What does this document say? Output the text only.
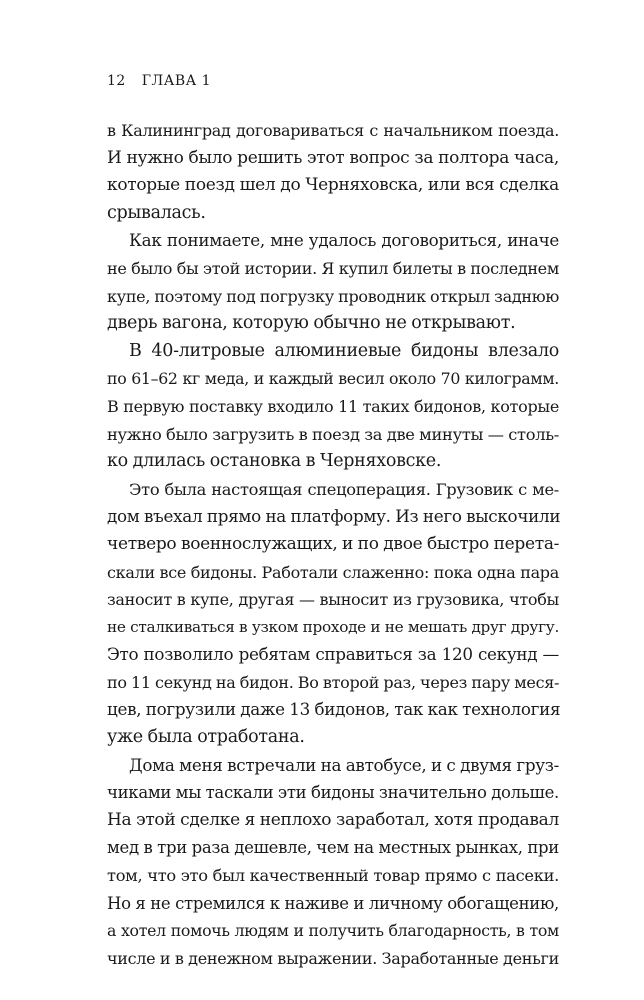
12 ГЛАВА 1
в Калининград договариваться с начальником поезда.
И нужно было решить этот вопрос за полтора часа,
которые поезд шел до Черняховска, или вся сделка
срывалась.
Как понимаете, мне удалось договориться, иначе
не было бы этой истории. Я купил билеты в последнем
купе, поэтому под погрузку проводник открыл заднюю
дверь вагона, которую обычно не открывают.
В 40-литровые алюминиевые бидоны влезало
по 61–62 кг меда, и каждый весил около 70 килограмм.
В первую поставку входило 11 таких бидонов, которые
нужно было загрузить в поезд за две минуты — столь-
ко длилась остановка в Черняховске.
Это была настоящая спецоперация. Грузовик с ме-
дом въехал прямо на платформу. Из него выскочили
четверо военнослужащих, и по двое быстро перета-
скали все бидоны. Работали слаженно: пока одна пара
заносит в купе, другая — выносит из грузовика, чтобы
не сталкиваться в узком проходе и не мешать друг другу.
Это позволило ребятам справиться за 120 секунд —
по 11 секунд на бидон. Во второй раз, через пару меся-
цев, погрузили даже 13 бидонов, так как технология
уже была отработана.
Дома меня встречали на автобусе, и с двумя груз-
чиками мы таскали эти бидоны значительно дольше.
На этой сделке я неплохо заработал, хотя продавал
мед в три раза дешевле, чем на местных рынках, при
том, что это был качественный товар прямо с пасеки.
Но я не стремился к наживе и личному обогащению,
а хотел помочь людям и получить благодарность, в том
числе и в денежном выражении. Заработанные деньги
